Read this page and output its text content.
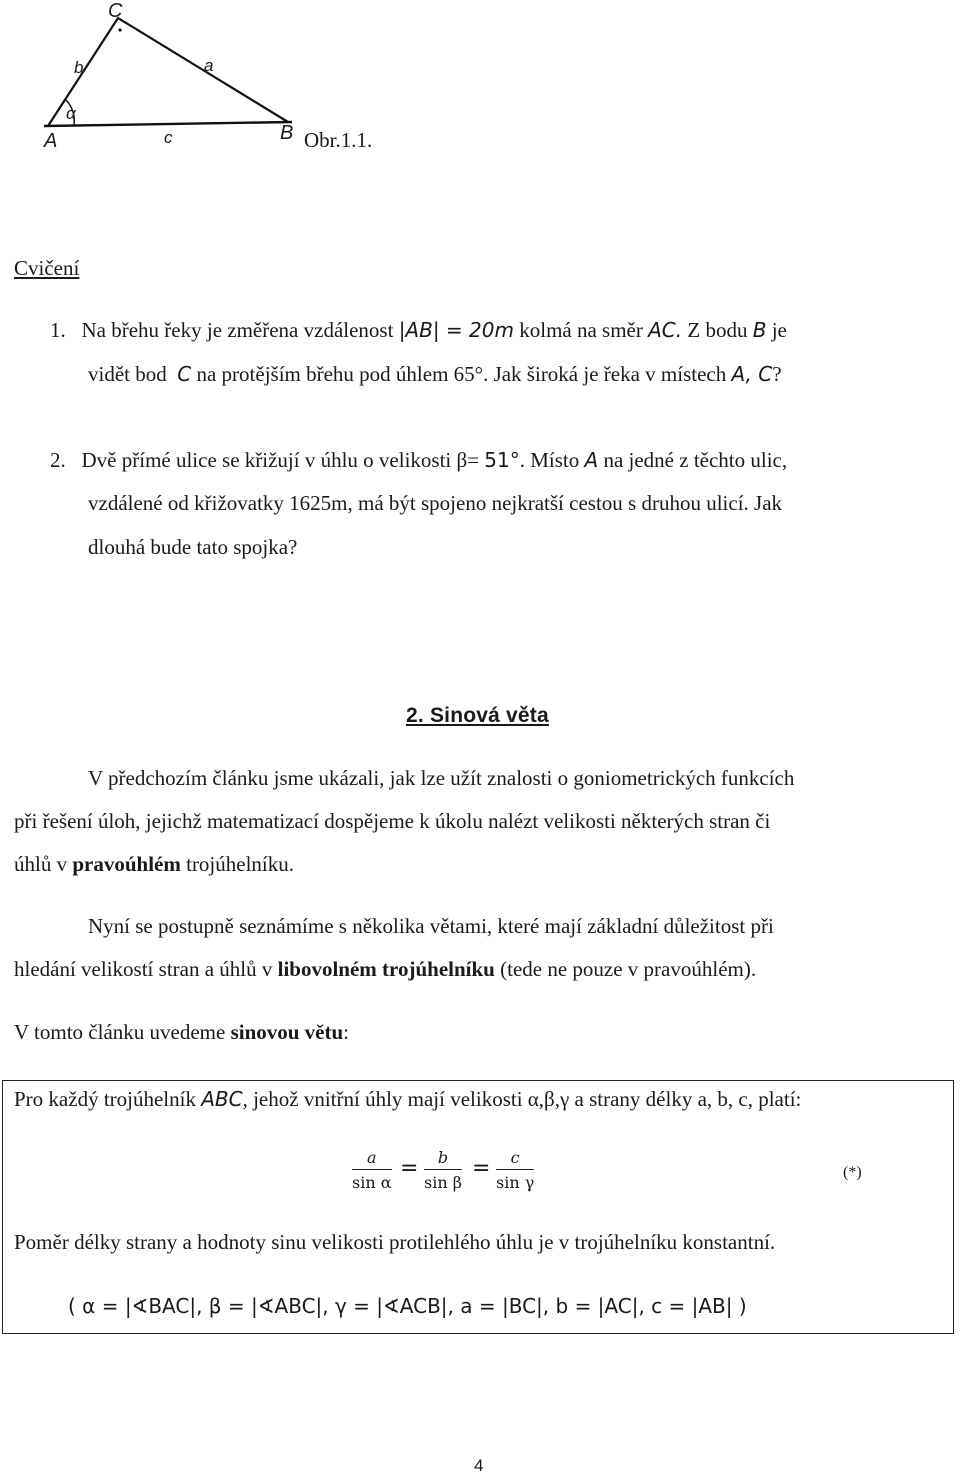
C
b	a
α
A	c	B Obr.1.1.
Cvičení
1. Na břehu řeky je změřena vzdálenost |AB| = 20m kolmá na směr AC. Z bodu B je
vidět bod C na protějším břehu pod úhlem 65°. Jak široká je řeka v místech A, C?
2. Dvě přímé ulice se křižují v úhlu o velikosti β= 51°. Místo A na jedné z těchto ulic,
vzdálené od křižovatky 1625m, má být spojeno nejkratší cestou s druhou ulicí. Jak
dlouhá bude tato spojka?
2. Sinová věta
V předchozím článku jsme ukázali, jak lze užít znalosti o goniometrických funkcích
při řešení úloh, jejichž matematizací dospějeme k úkolu nalézt velikosti některých stran či
úhlů v pravoúhlém trojúhelníku.
Nyní se postupně seznámíme s několika větami, které mají základní důležitost při
hledání velikostí stran a úhlů v libovolném trojúhelníku (tede ne pouze v pravoúhlém).
V tomto článku uvedeme sinovou větu:
Pro každý trojúhelník ABC, jehož vnitřní úhly mají velikosti α,β,γ a strany délky a, b, c, platí:
$\frac{a}{\text{sin α}} = \frac{b}{\text{sin β}} = \frac{c}{\text{sin γ}}$	(*)
Poměr délky strany a hodnoty sinu velikosti protilehlého úhlu je v trojúhelníku konstantní.
( α = |∢BAC|, β = |∢ABC|, γ = |∢ACB|, a = |BC|, b = |AC|, c = |AB| )
4
